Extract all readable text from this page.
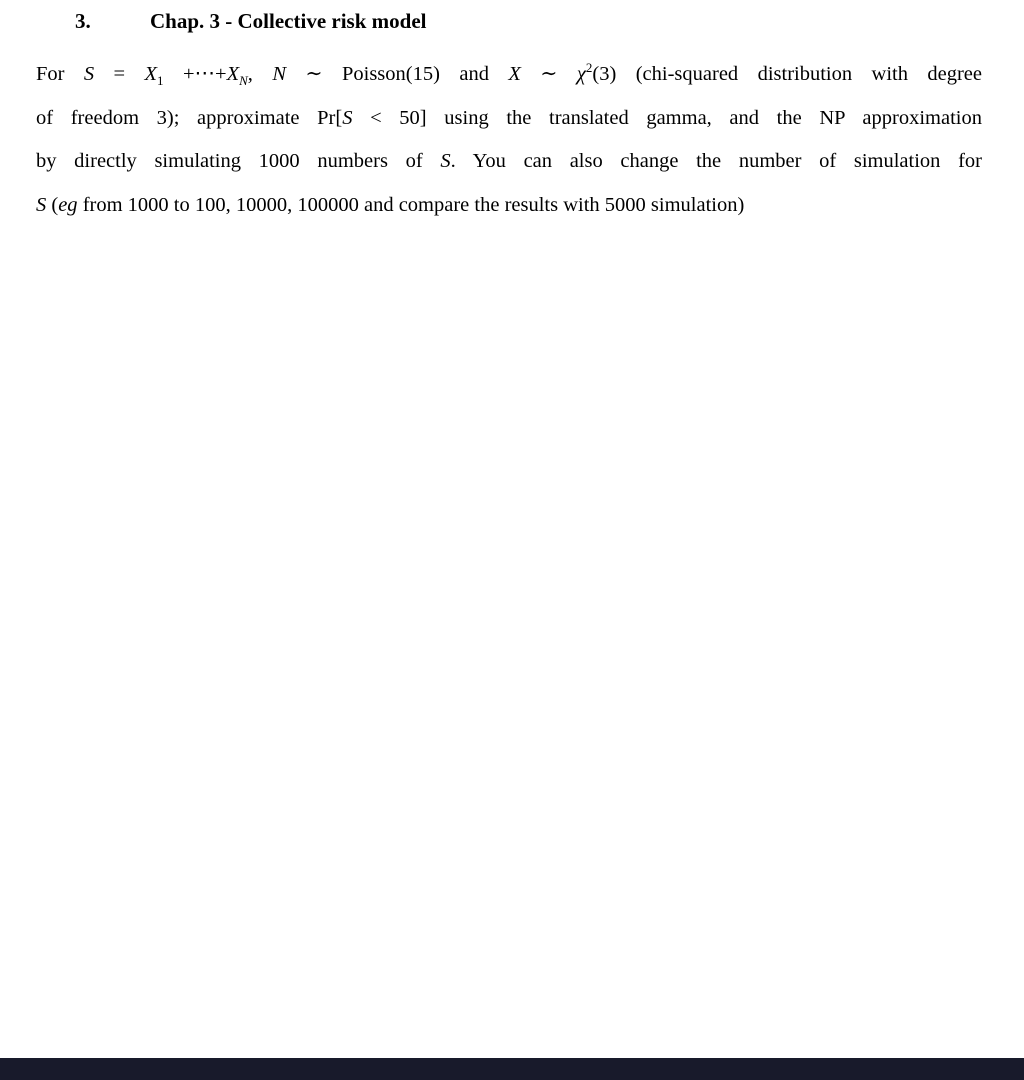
3.	Chap. 3 - Collective risk model
For $S = X_1$ $+\cdots+X_N$, N ∼ Poisson(15) and X ∼ $\chi^2(3)$ (chi-squared distribution with degree
of freedom 3); approximate Pr[S < 50] using the translated gamma, and the NP approximation
by directly simulating 1000 numbers of S. You can also change the number of simulation for
S (eg from 1000 to 100, 10000, 100000 and compare the results with 5000 simulation)
